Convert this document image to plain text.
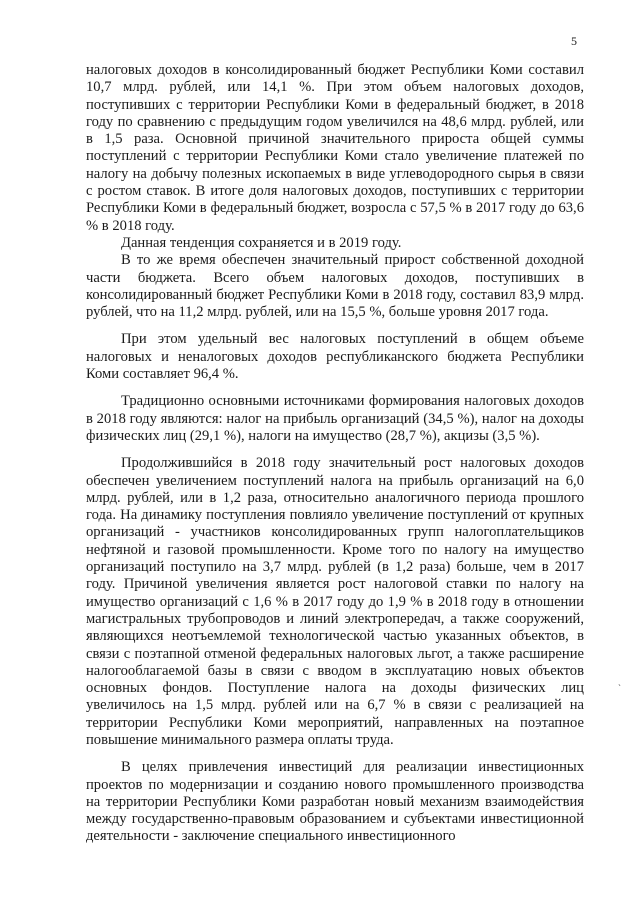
5

налоговых доходов в консолидированный бюджет Республики Коми составил 10,7 млрд. рублей, или 14,1 %. При этом объем налоговых доходов, поступивших с территории Республики Коми в федеральный бюджет, в 2018 году по сравнению с предыдущим годом увеличился на 48,6 млрд. рублей, или в 1,5 раза. Основной причиной значительного прироста общей суммы поступлений с территории Республики Коми стало увеличение платежей по налогу на добычу полезных ископаемых в виде углеводородного сырья в связи с ростом ставок. В итоге доля налоговых доходов, поступивших с территории Республики Коми в федеральный бюджет, возросла с 57,5 % в 2017 году до 63,6 % в 2018 году.

Данная тенденция сохраняется и в 2019 году.

В то же время обеспечен значительный прирост собственной доходной части бюджета. Всего объем налоговых доходов, поступивших в консолидированный бюджет Республики Коми в 2018 году, составил 83,9 млрд. рублей, что на 11,2 млрд. рублей, или на 15,5 %, больше уровня 2017 года.

При этом удельный вес налоговых поступлений в общем объеме налоговых и неналоговых доходов республиканского бюджета Республики Коми составляет 96,4 %.

Традиционно основными источниками формирования налоговых доходов в 2018 году являются: налог на прибыль организаций (34,5 %), налог на доходы физических лиц (29,1 %), налоги на имущество (28,7 %), акцизы (3,5 %).

Продолжившийся в 2018 году значительный рост налоговых доходов обеспечен увеличением поступлений налога на прибыль организаций на 6,0 млрд. рублей, или в 1,2 раза, относительно аналогичного периода прошлого года. На динамику поступления повлияло увеличение поступлений от крупных организаций - участников консолидированных групп налогоплательщиков нефтяной и газовой промышленности. Кроме того по налогу на имущество организаций поступило на 3,7 млрд. рублей (в 1,2 раза) больше, чем в 2017 году. Причиной увеличения является рост налоговой ставки по налогу на имущество организаций с 1,6 % в 2017 году до 1,9 % в 2018 году в отношении магистральных трубопроводов и линий электропередач, а также сооружений, являющихся неотъемлемой технологической частью указанных объектов, в связи с поэтапной отменой федеральных налоговых льгот, а также расширение налогооблагаемой базы в связи с вводом в эксплуатацию новых объектов основных фондов. Поступление налога на доходы физических лиц увеличилось на 1,5 млрд. рублей или на 6,7 % в связи с реализацией на территории Республики Коми мероприятий, направленных на поэтапное повышение минимального размера оплаты труда.

В целях привлечения инвестиций для реализации инвестиционных проектов по модернизации и созданию нового промышленного производства на территории Республики Коми разработан новый механизм взаимодействия между государственно-правовым образованием и субъектами инвестиционной деятельности - заключение специального инвестиционного

`
